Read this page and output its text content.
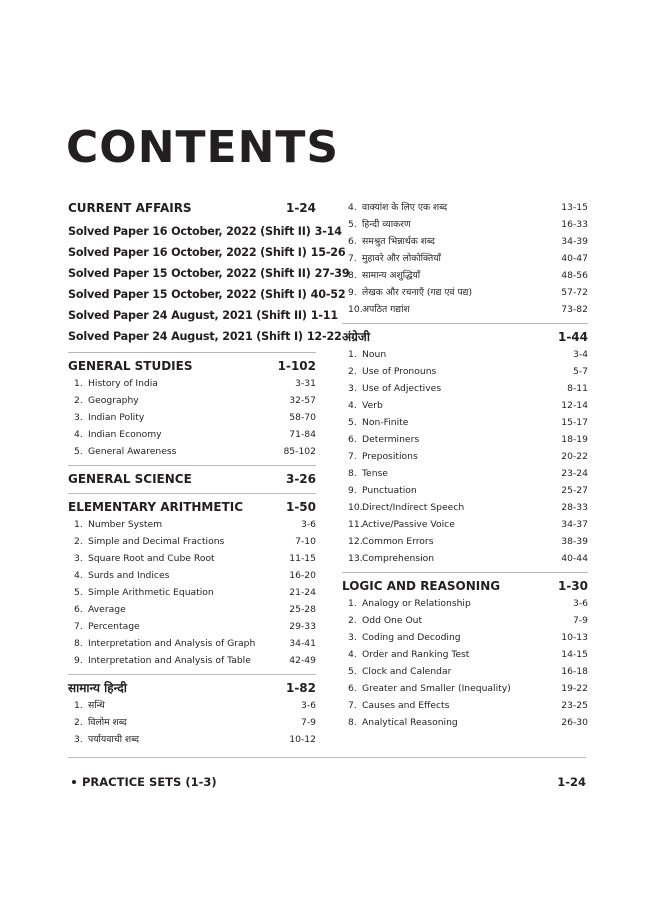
CONTENTS
CURRENT AFFAIRS	1-24
Solved Paper 16 October, 2022 (Shift II) 3-14
Solved Paper 16 October, 2022 (Shift I) 15-26
Solved Paper 15 October, 2022 (Shift II) 27-39
Solved Paper 15 October, 2022 (Shift I) 40-52
Solved Paper 24 August, 2021 (Shift II) 1-11
Solved Paper 24 August, 2021 (Shift I) 12-22
GENERAL STUDIES	1-102
1. History of India	3-31
2. Geography	32-57
3. Indian Polity	58-70
4. Indian Economy	71-84
5. General Awareness	85-102
GENERAL SCIENCE	3-26
ELEMENTARY ARITHMETIC	1-50
1. Number System	3-6
2. Simple and Decimal Fractions	7-10
3. Square Root and Cube Root	11-15
4. Surds and Indices	16-20
5. Simple Arithmetic Equation	21-24
6. Average	25-28
7. Percentage	29-33
8. Interpretation and Analysis of Graph	34-41
9. Interpretation and Analysis of Table	42-49
सामान्य हिन्दी	1-82
1. सन्धि	3-6
2. विलोम शब्द	7-9
3. पर्यायवाची शब्द	10-12
4. वाक्यांश के लिए एक शब्द	13-15
5. हिन्दी व्याकरण	16-33
6. समश्रुत भिन्नार्थक शब्द	34-39
7. मुहावरे और लोकोक्तियाँ	40-47
8. सामान्य अशुद्धियाँ	48-56
9. लेखक और रचनाएँ (गद्य एवं पद्य)	57-72
10.अपठित गद्यांश	73-82
अंग्रेजी	1-44
1. Noun	3-4
2. Use of Pronouns	5-7
3. Use of Adjectives	8-11
4. Verb	12-14
5. Non-Finite	15-17
6. Determiners	18-19
7. Prepositions	20-22
8. Tense	23-24
9. Punctuation	25-27
10.Direct/Indirect Speech	28-33
11.Active/Passive Voice	34-37
12.Common Errors	38-39
13.Comprehension	40-44
LOGIC AND REASONING	1-30
1. Analogy or Relationship	3-6
2. Odd One Out	7-9
3. Coding and Decoding	10-13
4. Order and Ranking Test	14-15
5. Clock and Calendar	16-18
6. Greater and Smaller (Inequality)	19-22
7. Causes and Effects	23-25
8. Analytical Reasoning	26-30
PRACTICE SETS (1-3)	1-24
